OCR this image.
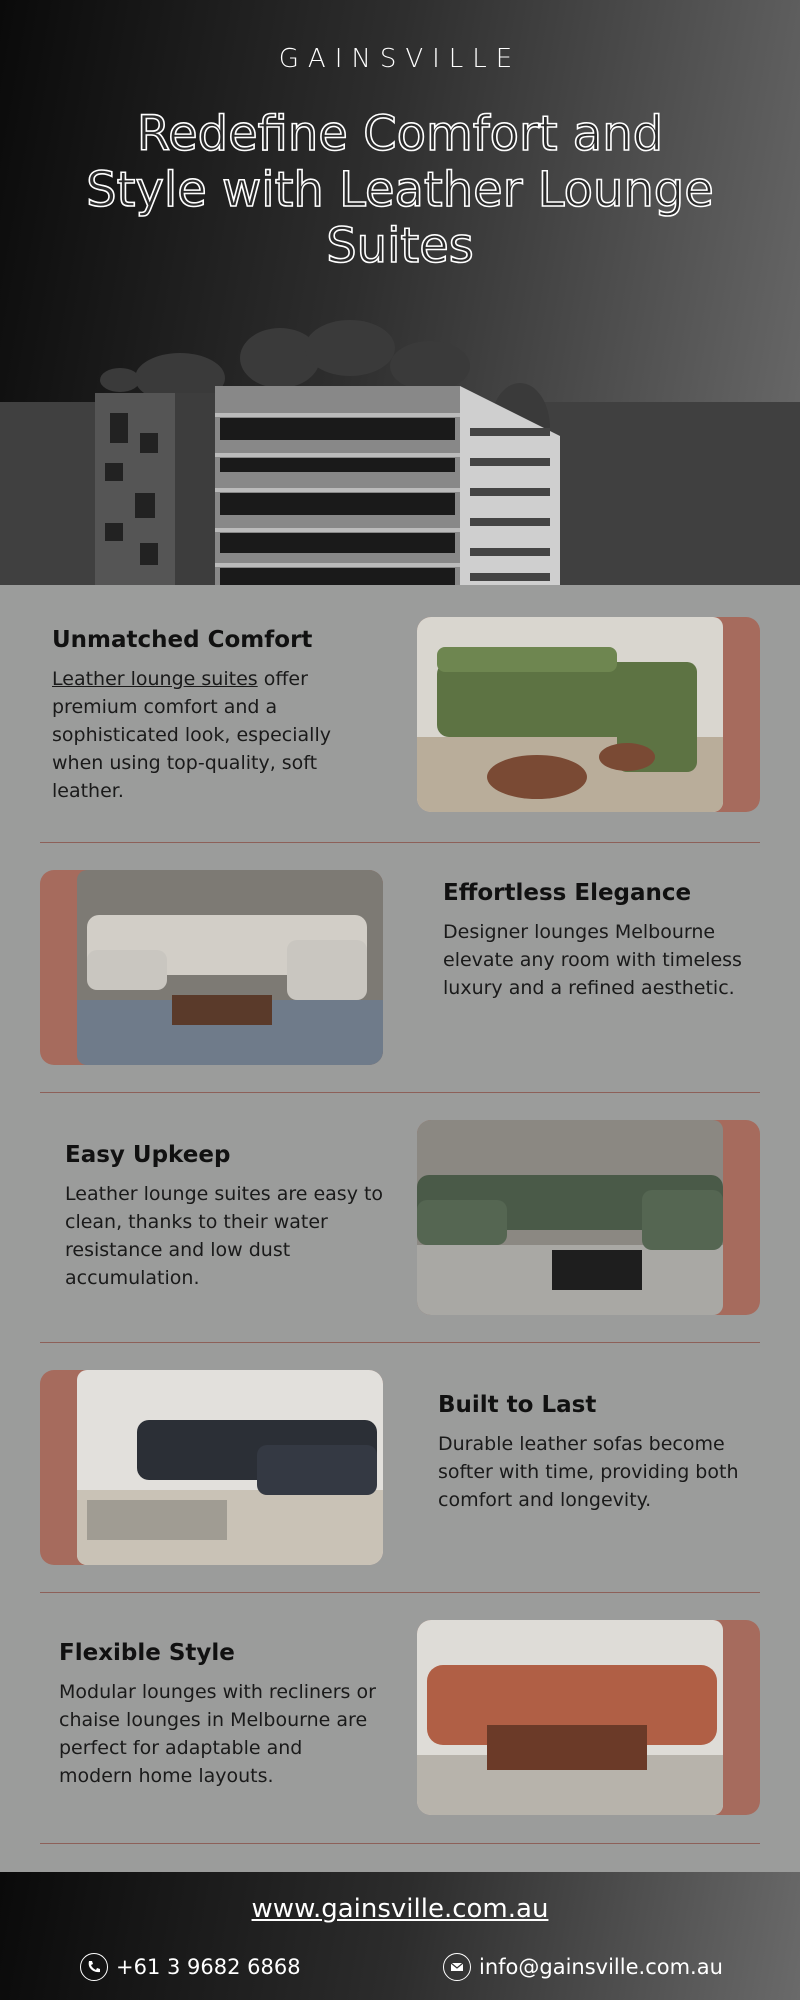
GAINSVILLE
Redefine Comfort and Style with Leather Lounge Suites
Unmatched Comfort

Leather lounge suites offer premium comfort and a sophisticated look, especially when using top-quality, soft leather.

Effortless Elegance

Designer lounges Melbourne elevate any room with timeless luxury and a refined aesthetic.

Easy Upkeep

Leather lounge suites are easy to clean, thanks to their water resistance and low dust accumulation.

Built to Last

Durable leather sofas become softer with time, providing both comfort and longevity.

Flexible Style

Modular lounges with recliners or chaise lounges in Melbourne are perfect for adaptable and modern home layouts.

www.gainsville.com.au
+61 3 9682 6868	info@gainsville.com.au
